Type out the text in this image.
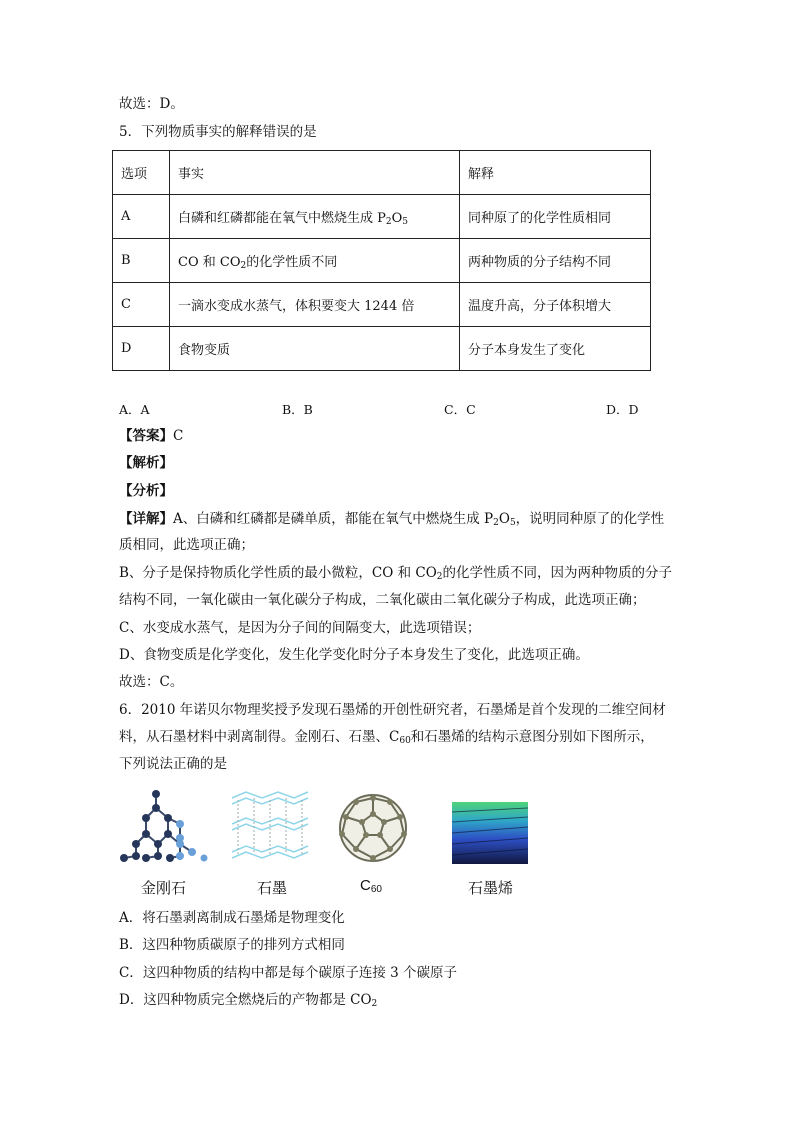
故选：D。
5．下列物质事实的解释错误的是
选项	事实	解释
A	白磷和红磷都能在氧气中燃烧生成 $P_2O_5$	同种原了的化学性质相同
B	CO 和 $CO_2$的化学性质不同	两种物质的分子结构不同
C	一滴水变成水蒸气，体积要变大 1244 倍	温度升高，分子体积增大
D	食物变质	分子本身发生了变化
A．A	B．B	C．C	D．D
【答案】C
【解析】
【分析】
【详解】A、白磷和红磷都是磷单质，都能在氧气中燃烧生成 $P_2O_5$，说明同种原了的化学性
质相同，此选项正确；
B、分子是保持物质化学性质的最小微粒，CO 和 $CO_2$的化学性质不同，因为两种物质的分子
结构不同，一氧化碳由一氧化碳分子构成，二氧化碳由二氧化碳分子构成，此选项正确；
C、水变成水蒸气，是因为分子间的间隔变大，此选项错误；
D、食物变质是化学变化，发生化学变化时分子本身发生了变化，此选项正确。
故选：C。
6．2010 年诺贝尔物理奖授予发现石墨烯的开创性研究者，石墨烯是首个发现的二维空间材
料，从石墨材料中剥离制得。金刚石、石墨、$C_{60}$和石墨烯的结构示意图分别如下图所示，
下列说法正确的是
金刚石	石墨	$C_{60}$	石墨烯
A．将石墨剥离制成石墨烯是物理变化
B．这四种物质碳原子的排列方式相同
C．这四种物质的结构中都是每个碳原子连接 3 个碳原子
D．这四种物质完全燃烧后的产物都是 $CO_2$
